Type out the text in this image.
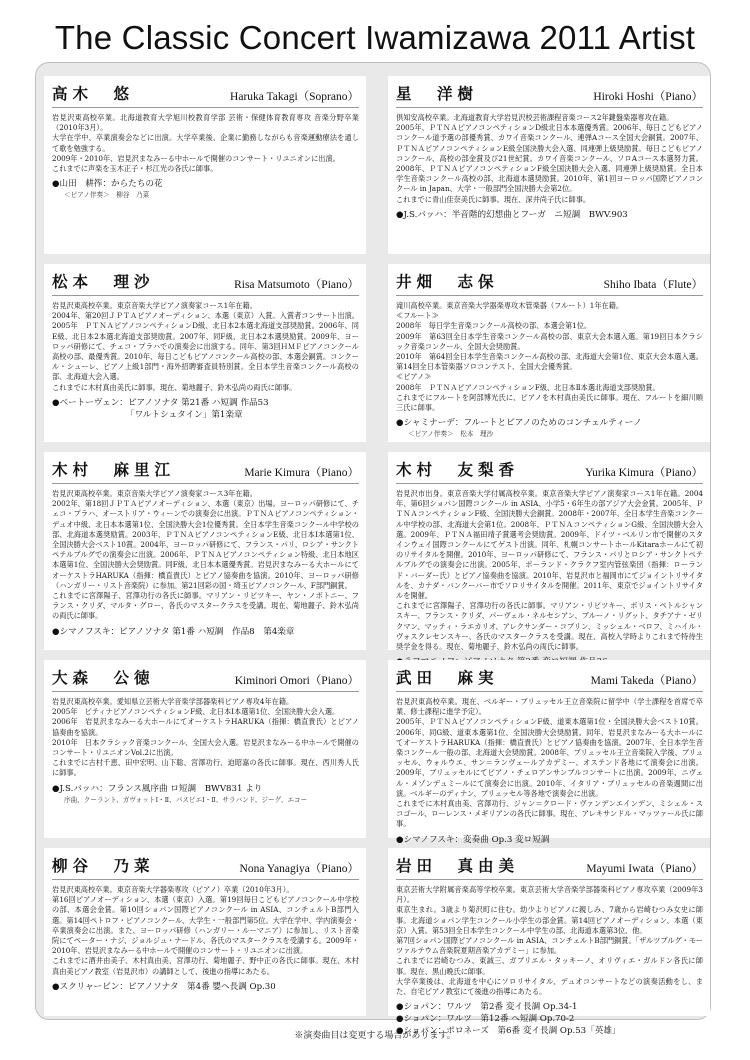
The Classic Concert Iwamizawa 2011 Artist
高木　悠	Haruka Takagi（Soprano）

岩見沢東高校卒業。北海道教育大学旭川校教育学部 芸術・保健体育教育専攻 音楽分野卒業（2010年3月）。

大学在学中、卒業演奏会などに出演。大学卒業後、企業に勤務しながらも音楽運動療法を通して歌を勉強する。

2009年・2010年、岩見沢まなみーる中ホールで開催のコンサート・リユニオンに出演。

これまでに声楽を玉木正子・杉江光の各氏に師事。

●山田　耕筰：からたちの花
＜ピアノ伴奏＞　柳谷　乃菜
松本　理沙	Risa Matsumoto（Piano）

岩見沢東高校卒業。東京音楽大学ピアノ演奏家コース1年在籍。

2004年、第20回ＪＰＴＡピアノオーディション、本選（東京）入賞。入賞者コンサート出演。2005年　ＰＴＮＡピアノコンペティションD級、北日本2本選北海道支部奨励賞。2006年、同E級、北日本2本選北海道支部奨励賞。2007年、同F級、北日本2本選奨励賞。2009年、ヨーロッパ研修にて、チェコ・プラハでの演奏会に出演する。同年、第3回ＨＭＦピアノコンクール高校の部、最優秀賞。2010年、毎日こどもピアノコンクール高校の部、本選会銅賞。コンクール・シューレ、ピアノ上級1部門・海外招聘審査員特別賞。全日本学生音楽コンクール高校の部、北海道大会入選。

これまでに木村真由美氏に師事。現在、菊地麗子、鈴木弘尚の両氏に師事。

●ベートーヴェン：ピアノソナタ 第21番 ハ短調 作品53
「ワルトシュタイン」第1楽章
木村　麻里江	Marie Kimura（Piano）

岩見沢東高校卒業。東京音楽大学ピアノ演奏家コース3年在籍。

2002年、第18回ＪＰＴＡピアノオーディション、本選（東京）出場。ヨーロッパ研修にて、チェコ・プラハ、オーストリア・ウィーンでの演奏会に出演。ＰＴＮＡピアノコンペティション・デュオ中級、北日本本選第1位、全国決勝大会1位優秀賞。全日本学生音楽コンクール中学校の部、北海道本選奨励賞。2003年、ＰＴＮＡピアノコンペティションE級、北日本Ⅰ本選第1位、全国決勝大会ベスト10賞。2004年、ヨーロッパ研修にて、フランス・パリ、ロシア・サンクトペテルブルグでの演奏会に出演。2006年、ＰＴＮＡピアノコンペティション特級、北日本地区本選第1位、全国決勝大会奨励賞。同F級、北日本本選優秀賞。岩見沢まなみーる大ホールにてオーケストラHARUKA（指揮：橋直貴氏）とピアノ協奏曲を協演。2010年、ヨーロッパ研修（ハンガリー・リスト音楽院）に参加。第21回彩の国・埼玉ピアノコンクール、F部門銅賞。

これまでに宮澤陽子、宮澤功行の各氏に師事。マリアン・リビツキー、ヤン・ノボトニー、フランス・クリダ、マルタ・グロー、各氏のマスタークラスを受講。現在、菊地麗子、鈴木弘尚の両氏に師事。

●シマノフスキ：ピアノソナタ 第1番 ハ短調　作品8　第4楽章
大森　公徳	Kiminori Omori（Piano）

岩見沢東高校卒業。愛知県立芸術大学音楽学部器楽科ピアノ専攻4年在籍。

2005年　ピティナピアノコンペティションF級、北日本Ⅰ本選第1位、全国決勝大会入選。

2006年　岩見沢まなみーる大ホールにてオーケストラHARUKA（指揮：橋直貴氏）とピアノ協奏曲を協演。

2010年　日本クラシック音楽コンクール、全国大会入選。岩見沢まなみーる中ホールで開催のコンサート・リユニオンVol.2に出演。

これまでに古村千恵、田中宏明、山下聡、宮澤功行、迫昭嘉の各氏に師事。現在、西川秀人氏に師事。

●J.S.バッハ：フランス風序曲 ロ短調　BWV831 より
序曲、クーラント、ガヴォットⅠ・Ⅱ、パスピエⅠ・Ⅱ、サラバンド、ジーグ、エコー
柳谷　乃菜	Nona Yanagiya（Piano）

岩見沢東高校卒業。東京音楽大学器楽専攻（ピアノ）卒業（2010年3月）。

第16回ピアノオーディション、本選（東京）入選。第19回毎日こどもピアノコンクール中学校の部、本選会金賞。第10回ショパン国際ピアノコンクール in ASIA、コンチェルトB部門入選。第14回ペトロフ・ピアノコンクール、大学生・一般部門第5位。大学在学中、学内演奏会・卒業演奏会に出演。また、ヨーロッパ研修（ハンガリー・ルーマニア）に参加し、リスト音楽院にてペーター・ナジ、ジョルジュ・ナードル、各氏のマスタークラスを受講する。2009年・2010年、岩見沢まなみーる中ホールで開催のコンサート・リユニオンに出演。

これまでに酒井由美子、木村真由美、宮澤功行、菊地麗子、野中正の各氏に師事。現在、木村真由美ピアノ教室（岩見沢市）の講師として、後進の指導にあたる。

●スクリャービン：ピアノソナタ　第4番 嬰ヘ長調 Op.30
星　洋樹	Hiroki Hoshi（Piano）

倶知安高校卒業。北海道教育大学岩見沢校芸術課程音楽コース2年鍵盤楽器専攻在籍。

2005年、ＰＴＮＡピアノコンペティションD級北日本本選優秀賞。2006年、毎日こどもピアノコンクール道予選の部優秀賞、カワイ音楽コンクール、連弾Aコース全国大会銅賞。2007年、ＰＴＮＡピアノコンペティションE級全国決勝大会入選、同連弾上級奨励賞。毎日こどもピアノコンクール、高校の部金賞及び21世紀賞。カワイ音楽コンクール、ソロAコース本選努力賞。2008年、ＰＴＮＡピアノコンペティションF級全国決勝大会入選、同連弾上級奨励賞。全日本学生音楽コンクール高校の部、北海道本選奨励賞。2010年、第1回ヨーロッパ国際ピアノコンクール in Japan、大学・一般部門全国決勝大会第2位。

これまでに青山佳奈美氏に師事。現在、深井尚子氏に師事。

●J.S.バッハ：半音階的幻想曲とフーガ　ニ短調　BWV.903
井畑　志保	Shiho Ibata（Flute）

滝川高校卒業。東京音楽大学器楽専攻木管楽器（フルート）1年在籍。

≪フルート≫

2008年　毎日学生音楽コンクール高校の部、本選会第1位。

2009年　第63回全日本学生音楽コンクール高校の部、東京大会本選入選。第19回日本クラシック音楽コンクール、全国大会奨励賞。

2010年　第64回全日本学生音楽コンクール高校の部、北海道大会第1位、東京大会本選入選。第14回全日本管楽器ソロコンテスト、全国大会優秀賞。

≪ピアノ≫

2008年　ＰＴＮＡピアノコンペティションF級、北日本Ⅱ本選北海道支部奨励賞。

これまでにフルートを阿部博光氏に、ピアノを木村真由美氏に師事。現在、フルートを細川順三氏に師事。

●シャミナーデ：フルートとピアノのためのコンチェルティーノ
＜ピアノ伴奏＞　松本　理沙
木村　友梨香	Yurika Kimura（Piano）

岩見沢市出身。東京音楽大学付属高校卒業。東京音楽大学ピアノ演奏家コース1年在籍。2004年、第6回ショパン国際コンクール in ASIA、小学5・6年生の部アジア大会金賞。2005年、ＰＴＮＡコンペティションF級、全国決勝大会銅賞。2008年・2007年、全日本学生音楽コンクール中学校の部、北海道大会第1位。2008年、ＰＴＮＡコンペティションG級、全国決勝大会入選。2009年、ＰＴＮＡ福田靖子賞選考会奨励賞。2009年、ドイツ・ベルリン市で開催のスタインウェイ国際コンクールにてゲスト出演。同年、札幌コンサートホールKitaraホールにて初のリサイタルを開催。2010年、ヨーロッパ研修にて、フランス・パリとロシア・サンクトペテルブルグでの演奏会に出演。2005年、ポーランド・クラクフ室内管弦楽団（指揮：ローランド・バーダー氏）とピアノ協奏曲を協演。2010年、岩見沢市と福岡市にてジョイントリサイタルを、カナダ・バンクーバー市でソロリサイタルを開催。2011年、東京でジョイントリサイタルを開催。

これまでに宮澤陽子、宮澤功行の各氏に師事。マリアン・リビツキー、ボリス・ペトルシャンスキー、フランス・クリダ、パーヴェル・ネルセシアン、ブルーノ・リグット、タチアナ・ゼリクマン、マッティ・ラエカリオ、アレクサンダー・コブリン、ミッシェル・ベロフ、ミハイル・ヴォスクレセンスキー、各氏のマスタークラスを受講。現在、高校入学時よりこれまで特待生奨学金を得る。現在、菊地麗子、鈴木弘尚の両氏に師事。

武田　麻実	Mami Takeda（Piano）

岩見沢東高校卒業。現在、ベルギー・ブリュッセル王立音楽院に留学中（学士課程を首席で卒業、修士課程に進学予定）。

2005年、ＰＴＮＡピアノコンペティションF級、道東本選第1位・全国決勝大会ベスト10賞。2006年、同G級、道東本選第1位、全国決勝大会奨励賞。同年、岩見沢まなみーる大ホールにてオーケストラHARUKA（指揮：橋直貴氏）とピアノ協奏曲を協演。2007年、全日本学生音楽コンクール一般の部、北海道大会奨励賞。2008年、ブリュッセル王立音楽院入学後、ブリュッセル、ウォルウエ、サン＝ランヴェールアカデミー、オステンド各地にて演奏会に出演。2009年、ブリュッセルにてピアノ・チェロアンサンブルコンサートに出演。2009年、ニヴェル・メゾンデュミールにて演奏会に出演。2010年、イタリア・ブリュッセルの音楽週間に出演。ベルギーのディナン、ブリュッセル等各地で演奏会に出演。

これまでに木村真由美、宮澤功行、ジャン＝クロード・ヴァンデンエインデン、ミシェル・スコゴール、ローレンス・メギリアンの各氏に師事。現在、アレキサンドル・マッツァール氏に師事。

●シマノフスキ：変奏曲 Op.3 変ロ短調
岩田　真由美	Mayumi Iwata（Piano）

東京芸術大学附属音楽高等学校卒業。東京芸術大学音楽学部器楽科ピアノ専攻卒業（2009年3月）。

東京生まれ。3歳より菊沢町に住む。幼少よりピアノに親しみ、7歳から岩崎むつみ女史に師事。北海道ショパン学生コンクール小学生の部金賞。第14回ピアノオーディション、本選（東京）入賞。第53回全日本学生コンクール中学生の部、北海道本選第3位、他。

第7回ショパン国際ピアノコンクール in ASIA、コンチェルトB部門銅賞。「ザルツブルグ・モーツァルテウム音楽院夏期音楽アカデミー」に参加。

これまでに岩崎むつみ、東誠三、ガブリエル・タッキーノ、オリヴィエ・ガルドン各氏に師事。現在、黒山晩氏に師事。

大学卒業後は、北海道を中心にソロリサイタル、デュオコンサートなどの演奏活動をし、また、自宅ピアノ教室にて後進の指導にあたる。

●ショパン：ワルツ　第2番 変イ長調 Op.34-1
●ショパン：ワルツ　第12番 ヘ短調 Op.70-2
●ショパン：ポロネーズ　第6番 変イ長調 Op.53「英雄」
※演奏曲目は変更する場合があります。
